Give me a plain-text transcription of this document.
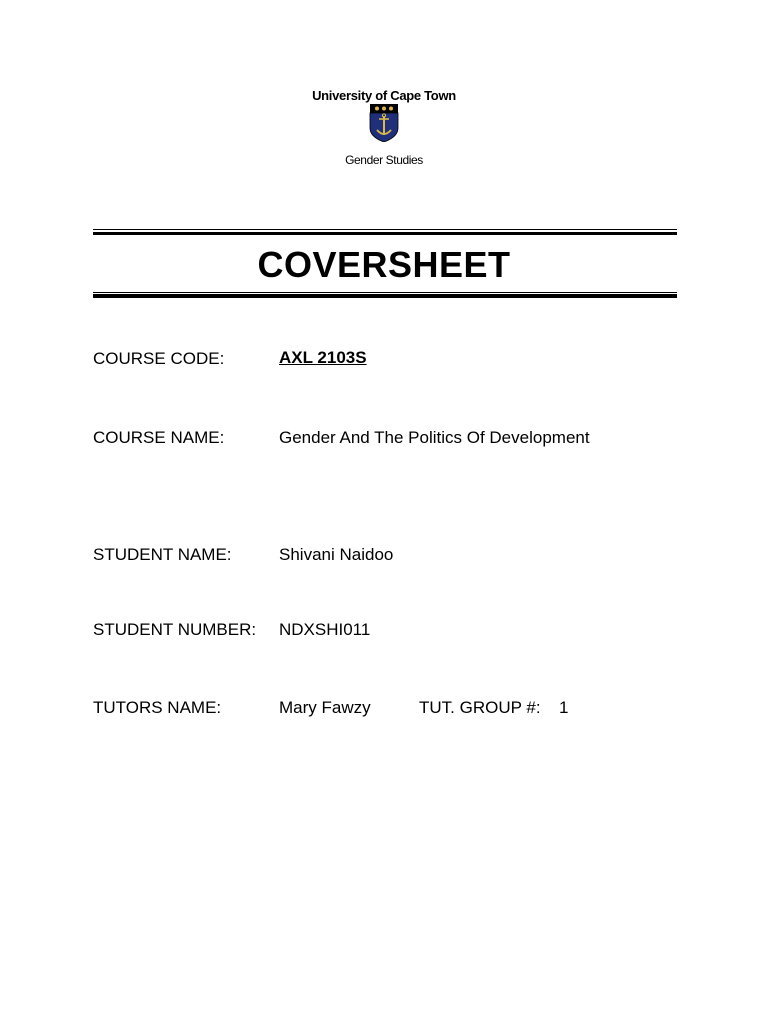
University of Cape Town
Gender Studies
COVERSHEET
COURSE CODE:	AXL 2103S
COURSE NAME:	Gender And The Politics Of Development
STUDENT NAME:	Shivani Naidoo
STUDENT NUMBER: NDXSHI011
TUTORS NAME:	Mary Fawzy	TUT. GROUP #: 1
